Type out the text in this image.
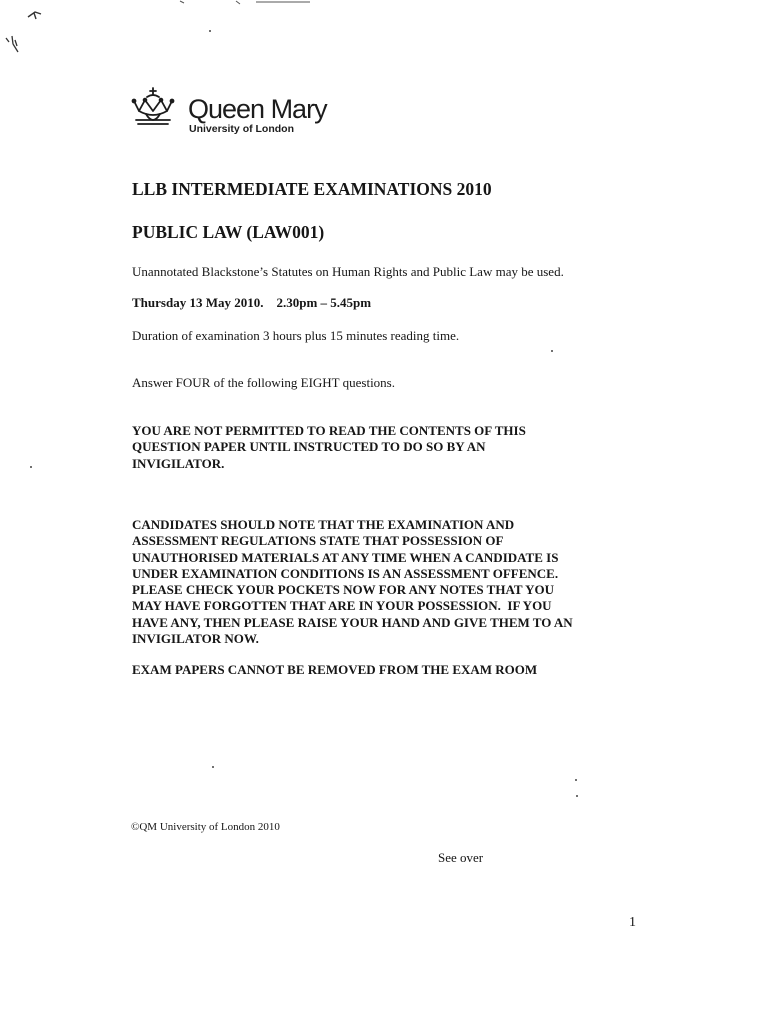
Queen Mary
University of London
LLB INTERMEDIATE EXAMINATIONS 2010
PUBLIC LAW (LAW001)
Unannotated Blackstone’s Statutes on Human Rights and Public Law may be used.
Thursday 13 May 2010.    2.30pm – 5.45pm
Duration of examination 3 hours plus 15 minutes reading time.
Answer FOUR of the following EIGHT questions.
YOU ARE NOT PERMITTED TO READ THE CONTENTS OF THIS
QUESTION PAPER UNTIL INSTRUCTED TO DO SO BY AN
INVIGILATOR.
CANDIDATES SHOULD NOTE THAT THE EXAMINATION AND
ASSESSMENT REGULATIONS STATE THAT POSSESSION OF
UNAUTHORISED MATERIALS AT ANY TIME WHEN A CANDIDATE IS
UNDER EXAMINATION CONDITIONS IS AN ASSESSMENT OFFENCE.
PLEASE CHECK YOUR POCKETS NOW FOR ANY NOTES THAT YOU
MAY HAVE FORGOTTEN THAT ARE IN YOUR POSSESSION.  IF YOU
HAVE ANY, THEN PLEASE RAISE YOUR HAND AND GIVE THEM TO AN
INVIGILATOR NOW.
EXAM PAPERS CANNOT BE REMOVED FROM THE EXAM ROOM
©QM University of London 2010
See over
1
